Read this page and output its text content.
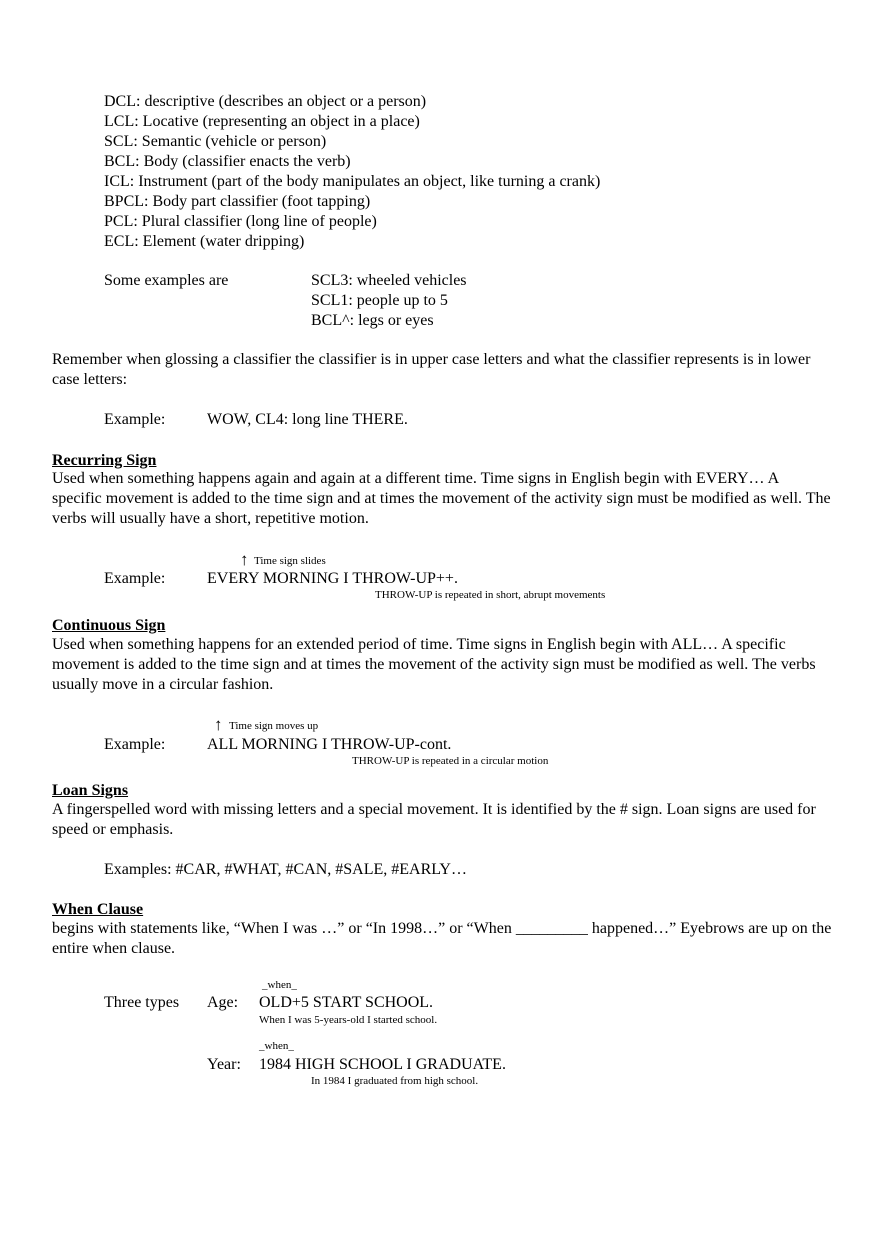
DCL: descriptive (describes an object or a person)
LCL: Locative (representing an object in a place)
SCL: Semantic (vehicle or person)
BCL: Body (classifier enacts the verb)
ICL: Instrument (part of the body manipulates an object, like turning a crank)
BPCL: Body part classifier (foot tapping)
PCL: Plural classifier (long line of people)
ECL: Element (water dripping)
Some examples are	SCL3: wheeled vehicles
SCL1: people up to 5
BCL^: legs or eyes
Remember when glossing a classifier the classifier is in upper case letters and what the classifier represents is in lower case letters:
Example:	WOW, CL4: long line THERE.
Recurring Sign
Used when something happens again and again at a different time. Time signs in English begin with EVERY… A specific movement is added to the time sign and at times the movement of the activity sign must be modified as well. The verbs will usually have a short, repetitive motion.
↑ Time sign slides
Example:	EVERY MORNING I THROW-UP++.
THROW-UP is repeated in short, abrupt movements
Continuous Sign
Used when something happens for an extended period of time. Time signs in English begin with ALL… A specific movement is added to the time sign and at times the movement of the activity sign must be modified as well. The verbs usually move in a circular fashion.
↑ Time sign moves up
Example:	ALL MORNING I THROW-UP-cont.
THROW-UP is repeated in a circular motion
Loan Signs
A fingerspelled word with missing letters and a special movement. It is identified by the # sign. Loan signs are used for speed or emphasis.
Examples: #CAR, #WHAT, #CAN, #SALE, #EARLY…
When Clause
begins with statements like, “When I was …” or “In 1998…” or “When _________ happened…” Eyebrows are up on the entire when clause.
_when_
Three types Age: OLD+5 START SCHOOL.
When I was 5-years-old I started school.
_when_
Year: 1984 HIGH SCHOOL I GRADUATE.
In 1984 I graduated from high school.
